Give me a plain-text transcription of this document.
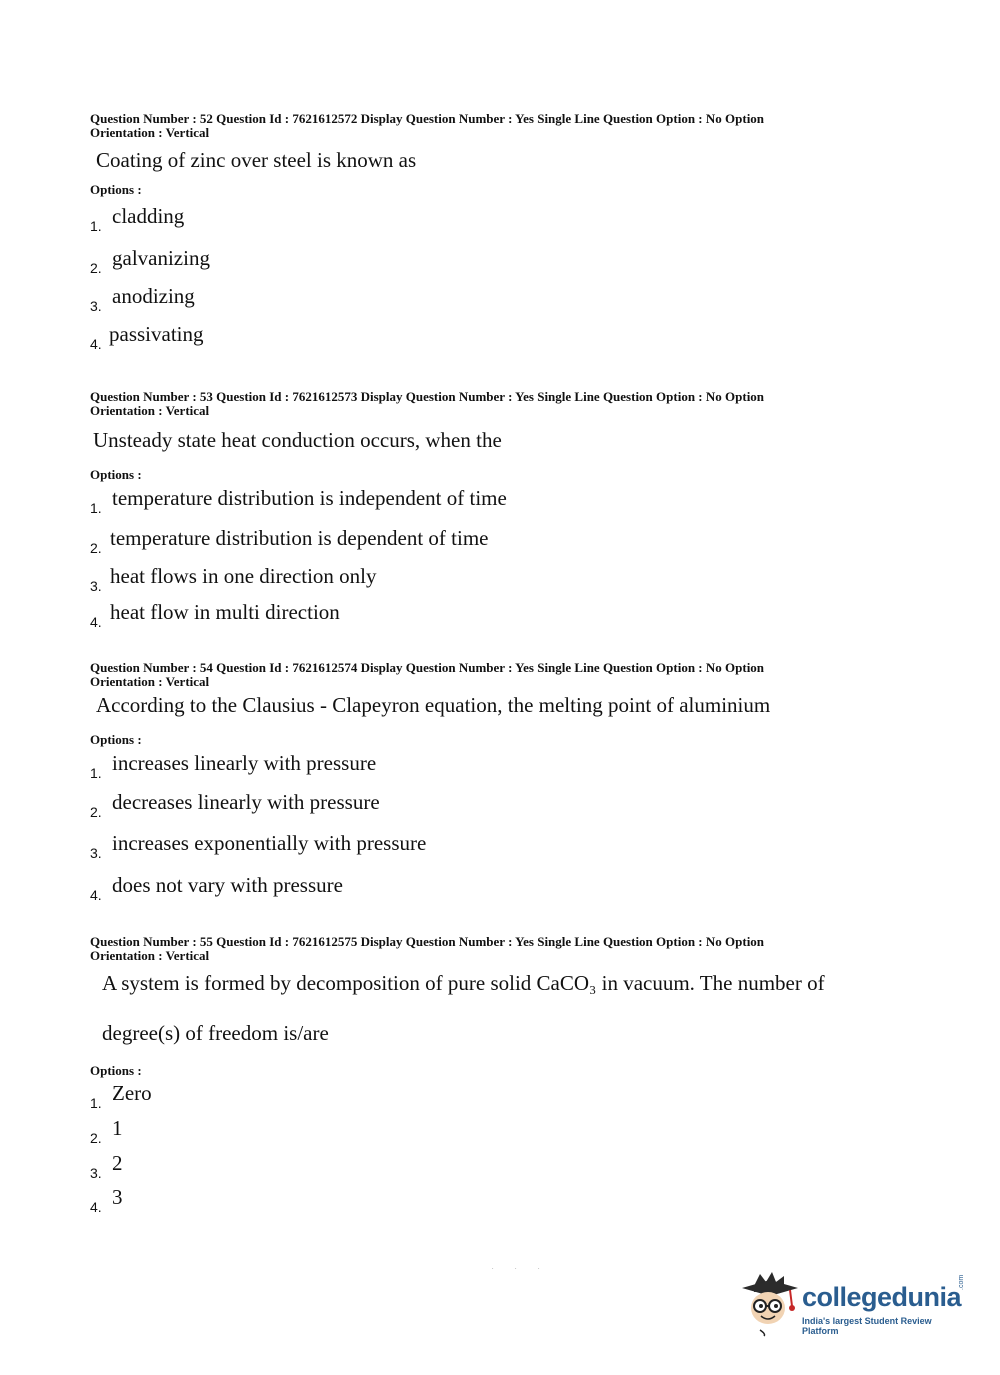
Question Number : 52 Question Id : 7621612572 Display Question Number : Yes Single Line Question Option : No Option
Orientation : Vertical
Coating of zinc over steel is known as
Options :
1. cladding
2. galvanizing
3. anodizing
4. passivating
Question Number : 53 Question Id : 7621612573 Display Question Number : Yes Single Line Question Option : No Option
Orientation : Vertical
Unsteady state heat conduction occurs, when the
Options :
1. temperature distribution is independent of time
2. temperature distribution is dependent of time
3. heat flows in one direction only
4. heat flow in multi direction
Question Number : 54 Question Id : 7621612574 Display Question Number : Yes Single Line Question Option : No Option
Orientation : Vertical
According to the Clausius - Clapeyron equation, the melting point of aluminium
Options :
1. increases linearly with pressure
2. decreases linearly with pressure
3. increases exponentially with pressure
4. does not vary with pressure
Question Number : 55 Question Id : 7621612575 Display Question Number : Yes Single Line Question Option : No Option
Orientation : Vertical
A system is formed by decomposition of pure solid CaCO₃ in vacuum. The number of
degree(s) of freedom is/are
Options :
1. Zero
2. 1
3. 2
4. 3
. . .
collegedunia
.com
India's largest Student Review Platform
